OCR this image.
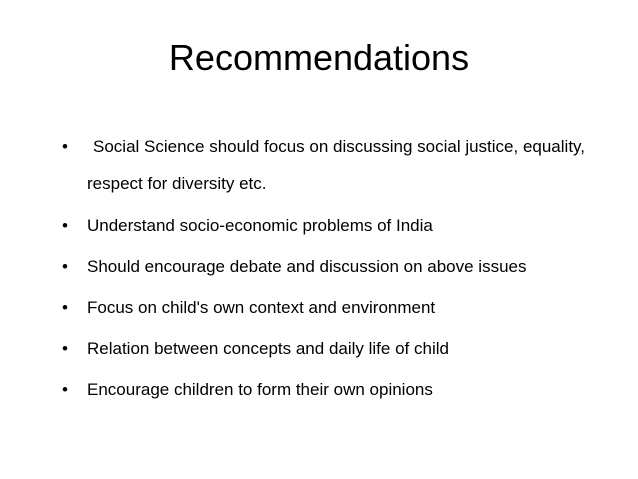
Recommendations
• Social Science should focus on discussing social justice, equality, respect for diversity etc.
• Understand socio-economic problems of India
• Should encourage debate and discussion on above issues
• Focus on child's own context and environment
• Relation between concepts and daily life of child
• Encourage children to form their own opinions
